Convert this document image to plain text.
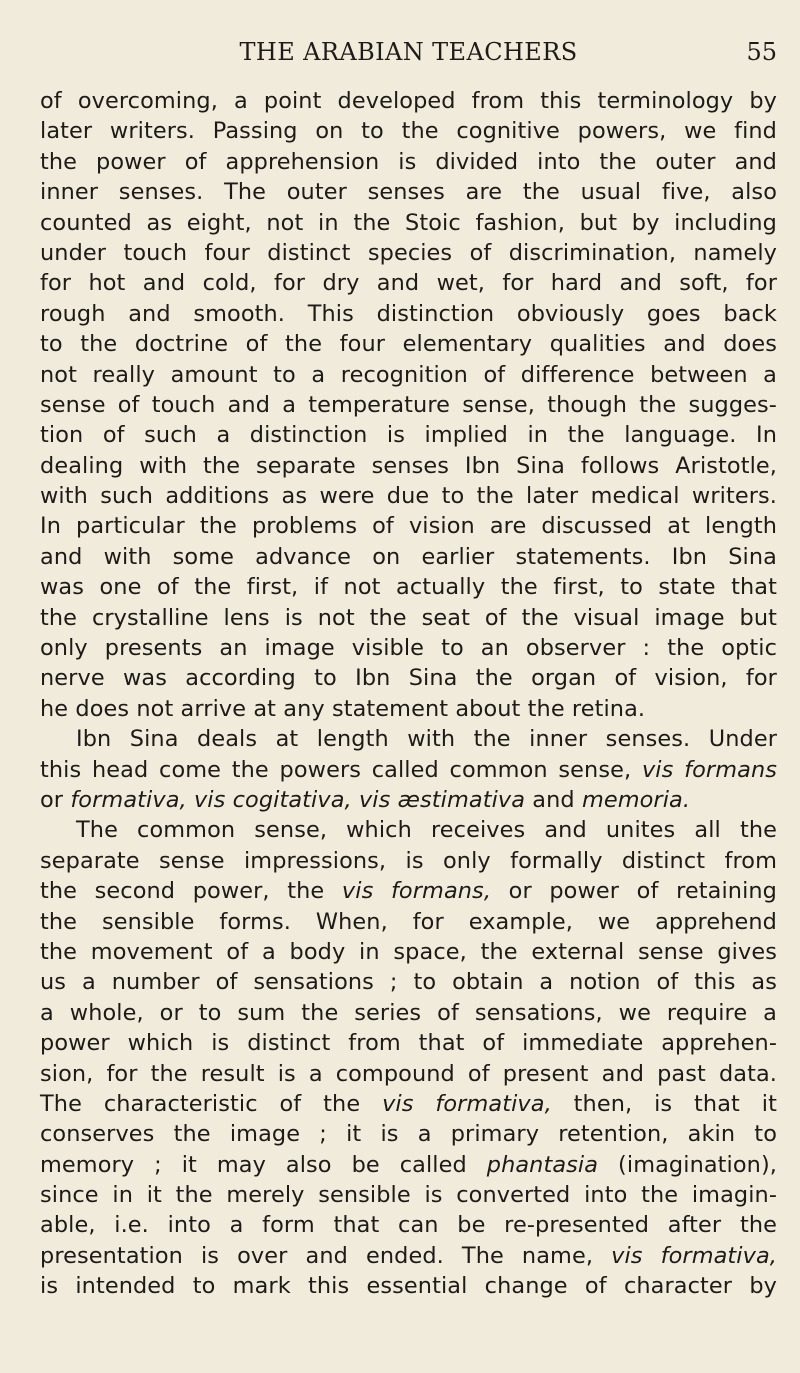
THE ARABIAN TEACHERS	55
of overcoming, a point developed from this terminology by
later writers. Passing on to the cognitive powers, we find
the power of apprehension is divided into the outer and
inner senses. The outer senses are the usual five, also
counted as eight, not in the Stoic fashion, but by including
under touch four distinct species of discrimination, namely
for hot and cold, for dry and wet, for hard and soft, for
rough and smooth. This distinction obviously goes back
to the doctrine of the four elementary qualities and does
not really amount to a recognition of difference between a
sense of touch and a temperature sense, though the sugges-
tion of such a distinction is implied in the language. In
dealing with the separate senses Ibn Sina follows Aristotle,
with such additions as were due to the later medical writers.
In particular the problems of vision are discussed at length
and with some advance on earlier statements. Ibn Sina
was one of the first, if not actually the first, to state that
the crystalline lens is not the seat of the visual image but
only presents an image visible to an observer : the optic
nerve was according to Ibn Sina the organ of vision, for
he does not arrive at any statement about the retina.
Ibn Sina deals at length with the inner senses. Under
this head come the powers called common sense, vis formans
or formativa, vis cogitativa, vis æstimativa and memoria.
The common sense, which receives and unites all the
separate sense impressions, is only formally distinct from
the second power, the vis formans, or power of retaining
the sensible forms. When, for example, we apprehend
the movement of a body in space, the external sense gives
us a number of sensations ; to obtain a notion of this as
a whole, or to sum the series of sensations, we require a
power which is distinct from that of immediate apprehen-
sion, for the result is a compound of present and past data.
The characteristic of the vis formativa, then, is that it
conserves the image ; it is a primary retention, akin to
memory ; it may also be called phantasia (imagination),
since in it the merely sensible is converted into the imagin-
able, i.e. into a form that can be re-presented after the
presentation is over and ended. The name, vis formativa,
is intended to mark this essential change of character by
